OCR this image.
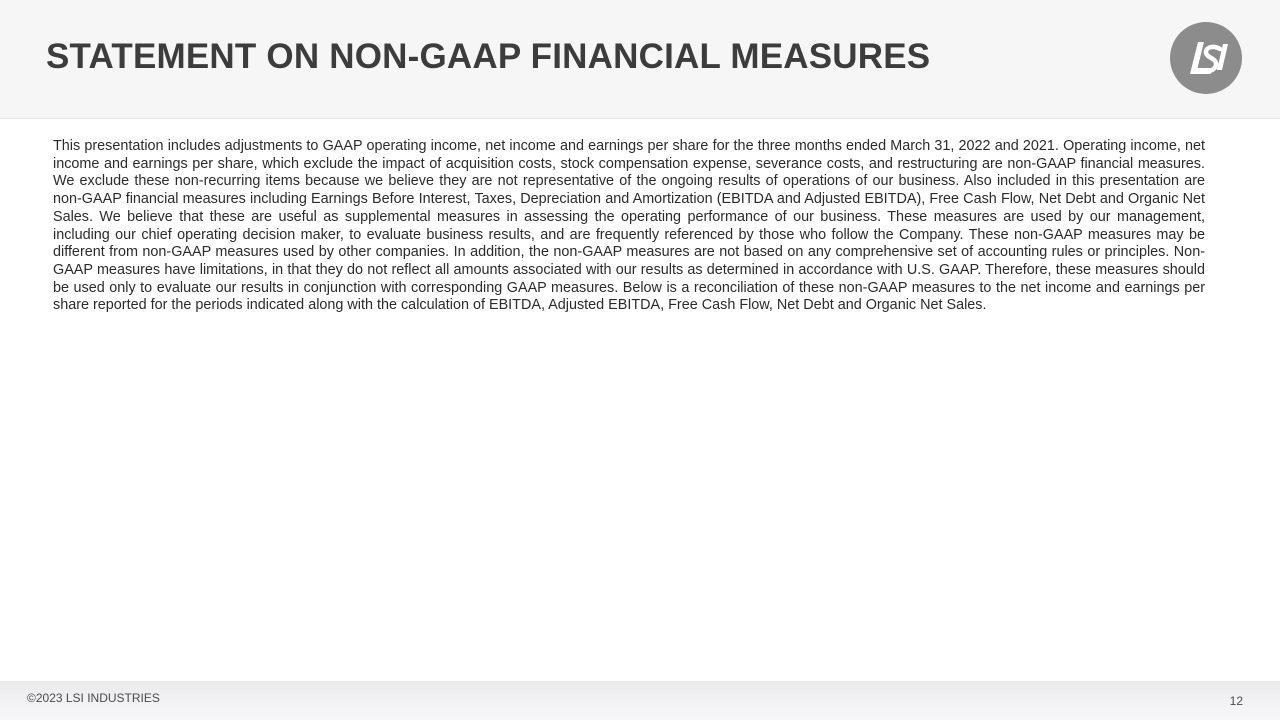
STATEMENT ON NON-GAAP FINANCIAL MEASURES

This presentation includes adjustments to GAAP operating income, net income and earnings per share for the three months ended March 31, 2022 and 2021. Operating income, net income and earnings per share, which exclude the impact of acquisition costs, stock compensation expense, severance costs, and restructuring are non-GAAP financial measures. We exclude these non-recurring items because we believe they are not representative of the ongoing results of operations of our business. Also included in this presentation are non-GAAP financial measures including Earnings Before Interest, Taxes, Depreciation and Amortization (EBITDA and Adjusted EBITDA), Free Cash Flow, Net Debt and Organic Net Sales. We believe that these are useful as supplemental measures in assessing the operating performance of our business. These measures are used by our management, including our chief operating decision maker, to evaluate business results, and are frequently referenced by those who follow the Company. These non-GAAP measures may be different from non-GAAP measures used by other companies. In addition, the non-GAAP measures are not based on any comprehensive set of accounting rules or principles. Non-GAAP measures have limitations, in that they do not reflect all amounts associated with our results as determined in accordance with U.S. GAAP. Therefore, these measures should be used only to evaluate our results in conjunction with corresponding GAAP measures. Below is a reconciliation of these non-GAAP measures to the net income and earnings per share reported for the periods indicated along with the calculation of EBITDA, Adjusted EBITDA, Free Cash Flow, Net Debt and Organic Net Sales.

©2023 LSI INDUSTRIES	12
